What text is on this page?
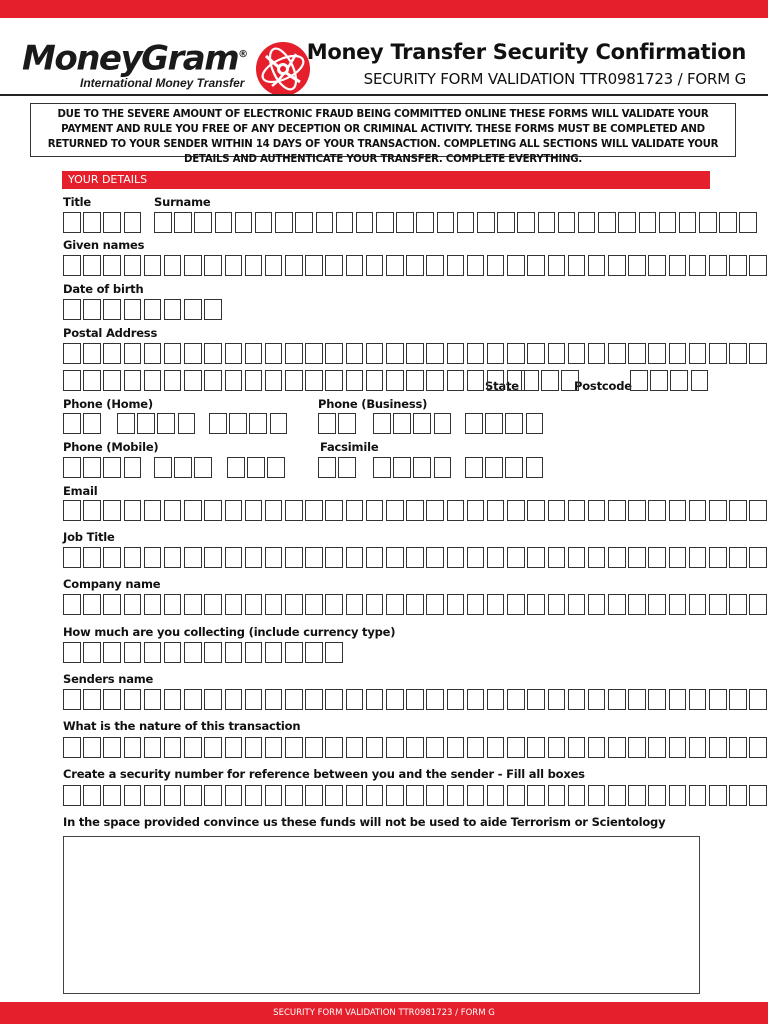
MoneyGram®
International Money Transfer
Money Transfer Security Confirmation
SECURITY FORM VALIDATION TTR0981723 / FORM G
DUE TO THE SEVERE AMOUNT OF ELECTRONIC FRAUD BEING COMMITTED ONLINE THESE FORMS WILL VALIDATE YOUR PAYMENT AND RULE YOU FREE OF ANY DECEPTION OR CRIMINAL ACTIVITY. THESE FORMS MUST BE COMPLETED AND RETURNED TO YOUR SENDER WITHIN 14 DAYS OF YOUR TRANSACTION. COMPLETING ALL SECTIONS WILL VALIDATE YOUR DETAILS AND AUTHENTICATE YOUR TRANSFER. COMPLETE EVERYTHING.
YOUR DETAILS
Title	Surname
Given names
Date of birth
Postal Address
State	Postcode
Phone (Home)	Phone (Business)
Phone (Mobile)	Facsimile
Email
Job Title
Company name
How much are you collecting (include currency type)
Senders name
What is the nature of this transaction
Create a security number for reference between you and the sender - Fill all boxes
In the space provided convince us these funds will not be used to aide Terrorism or Scientology
SECURITY FORM VALIDATION TTR0981723 / FORM G
